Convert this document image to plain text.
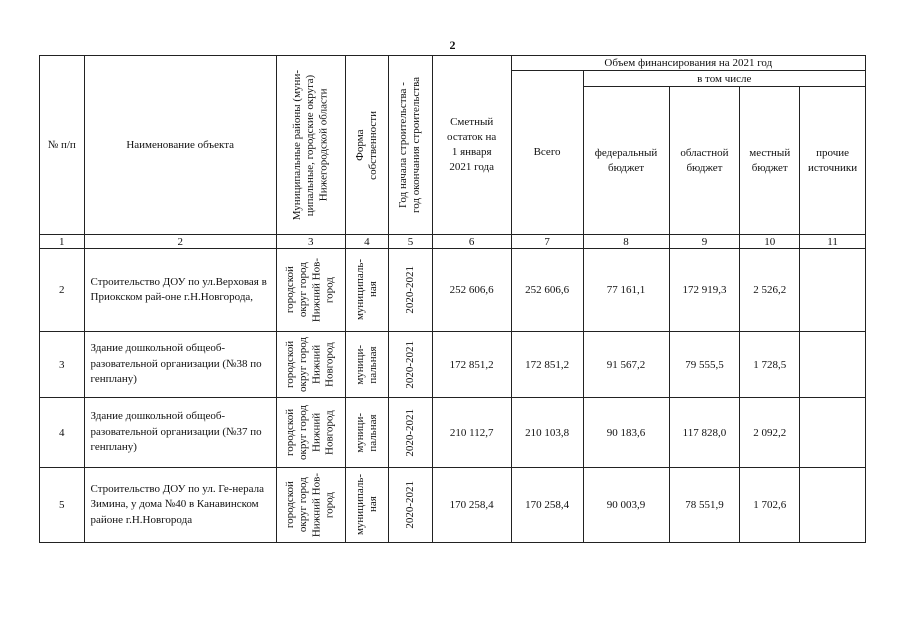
2
№ п/п	Наименование объекта	Муниципальные районы (муни-
ципальные, городские округа)
Нижегородской области	Форма
собственности	Год начала строительства -
год окончания строительства	Сметный
остаток на
1 января
2021 года	Объем финансирования на 2021 год				
						Всего	в том числе			
							федеральный
бюджет	областной
бюджет	местный
бюджет	прочие
источники
1	2	3	4	5	6	7	8	9	10	11
2	Строительство ДОУ по ул.Верховая в Приокском рай-оне г.Н.Новгорода,	городской
округ город
Нижний Нов-
город	муниципаль-
ная	2020-2021	252 606,6	252 606,6	77 161,1	172 919,3	2 526,2	
3	Здание дошкольной общеоб-разовательной организации (№38 по генплану)	городской
округ город
Нижний
Новгород	муници-
пальная	2020-2021	172 851,2	172 851,2	91 567,2	79 555,5	1 728,5	
4	Здание дошкольной общеоб-разовательной организации (№37 по генплану)	городской
округ город
Нижний
Новгород	муници-
пальная	2020-2021	210 112,7	210 103,8	90 183,6	117 828,0	2 092,2	
5	Строительство ДОУ по ул. Ге-нерала Зимина, у дома №40 в Канавинском районе г.Н.Новгорода	городской
округ город
Нижний Нов-
город	муниципаль-
ная	2020-2021	170 258,4	170 258,4	90 003,9	78 551,9	1 702,6	
